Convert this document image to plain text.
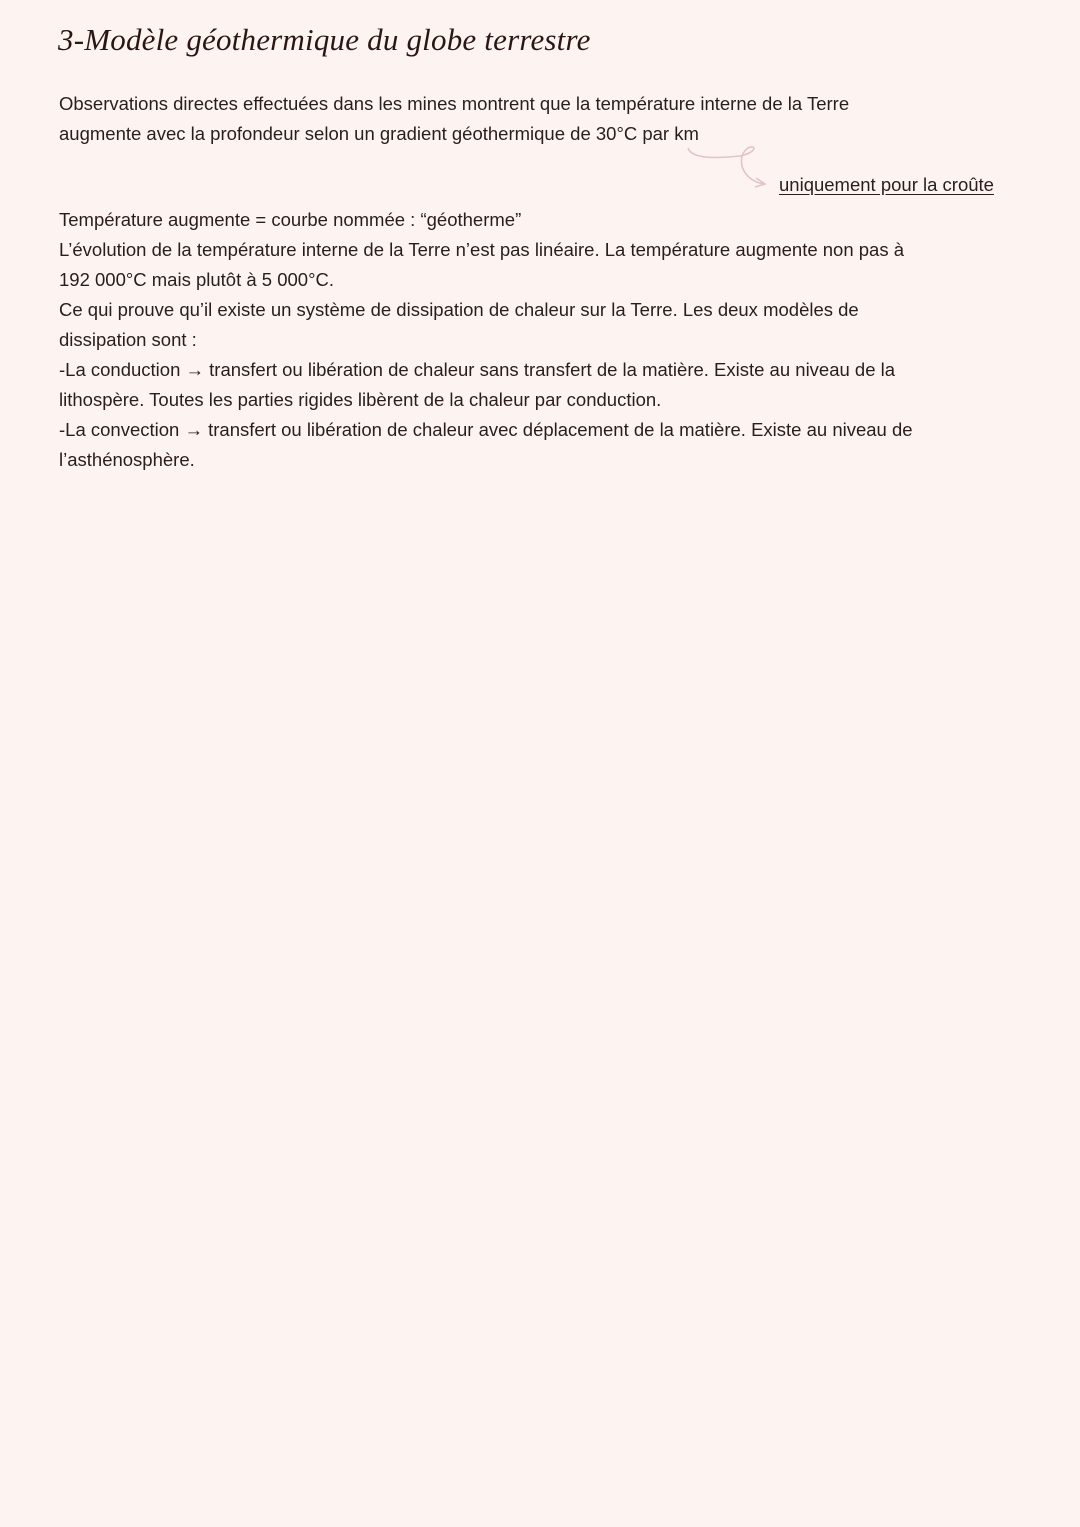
3-Modèle géothermique du globe terrestre
Observations directes effectuées dans les mines montrent que la température interne de la Terre
augmente avec la profondeur selon un gradient géothermique de 30°C par km
uniquement pour la croûte
Température augmente = courbe nommée : “géotherme”
L’évolution de la température interne de la Terre n’est pas linéaire. La température augmente non pas à
192 000°C mais plutôt à 5 000°C.
Ce qui prouve qu’il existe un système de dissipation de chaleur sur la Terre. Les deux modèles de
dissipation sont :
-La conduction → transfert ou libération de chaleur sans transfert de la matière. Existe au niveau de la
lithospère. Toutes les parties rigides libèrent de la chaleur par conduction.
-La convection → transfert ou libération de chaleur avec déplacement de la matière. Existe au niveau de
l’asthénosphère.
